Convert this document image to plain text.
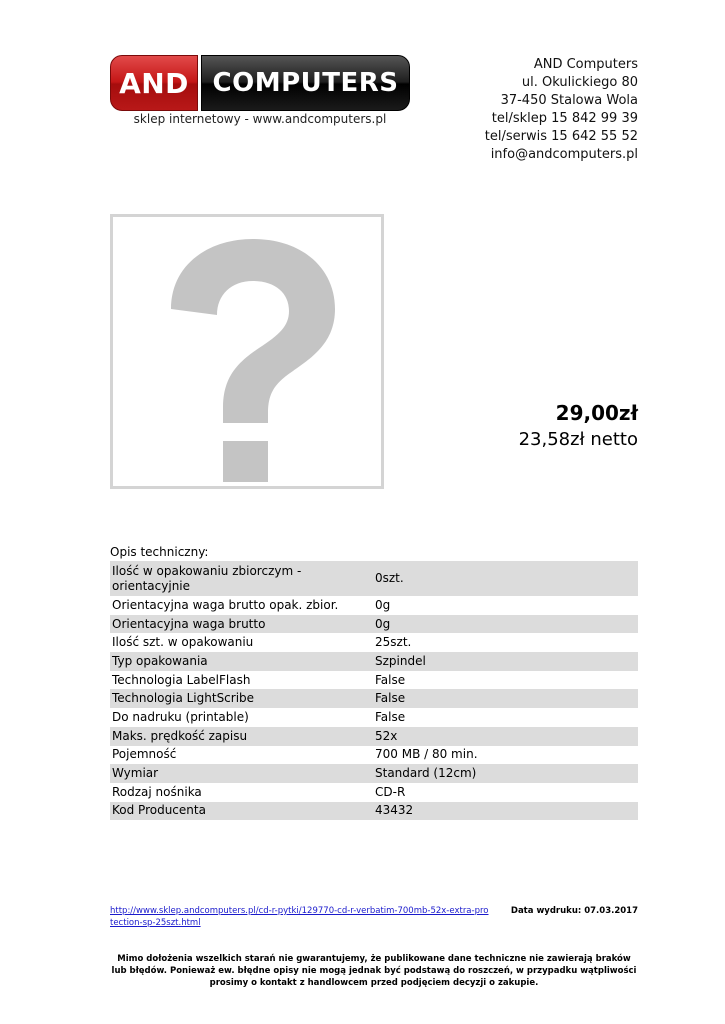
AND COMPUTERS
sklep internetowy - www.andcomputers.pl
AND Computers
ul. Okulickiego 80
37-450 Stalowa Wola
tel/sklep 15 842 99 39
tel/serwis 15 642 55 52
info@andcomputers.pl
29,00zł
23,58zł netto
Opis techniczny:
Ilość w opakowaniu zbiorczym - orientacyjnie	0szt.
Orientacyjna waga brutto opak. zbior.	0g
Orientacyjna waga brutto	0g
Ilość szt. w opakowaniu	25szt.
Typ opakowania	Szpindel
Technologia LabelFlash	False
Technologia LightScribe	False
Do nadruku (printable)	False
Maks. prędkość zapisu	52x
Pojemność	700 MB / 80 min.
Wymiar	Standard (12cm)
Rodzaj nośnika	CD-R
Kod Producenta	43432
http://www.sklep.andcomputers.pl/cd-r-pytki/129770-cd-r-verbatim-700mb-52x-extra-protection-sp-25szt.html
Data wydruku: 07.03.2017
Mimo dołożenia wszelkich starań nie gwarantujemy, że publikowane dane techniczne nie zawierają braków lub błędów. Ponieważ ew. błędne opisy nie mogą jednak być podstawą do roszczeń, w przypadku wątpliwości prosimy o kontakt z handlowcem przed podjęciem decyzji o zakupie.
